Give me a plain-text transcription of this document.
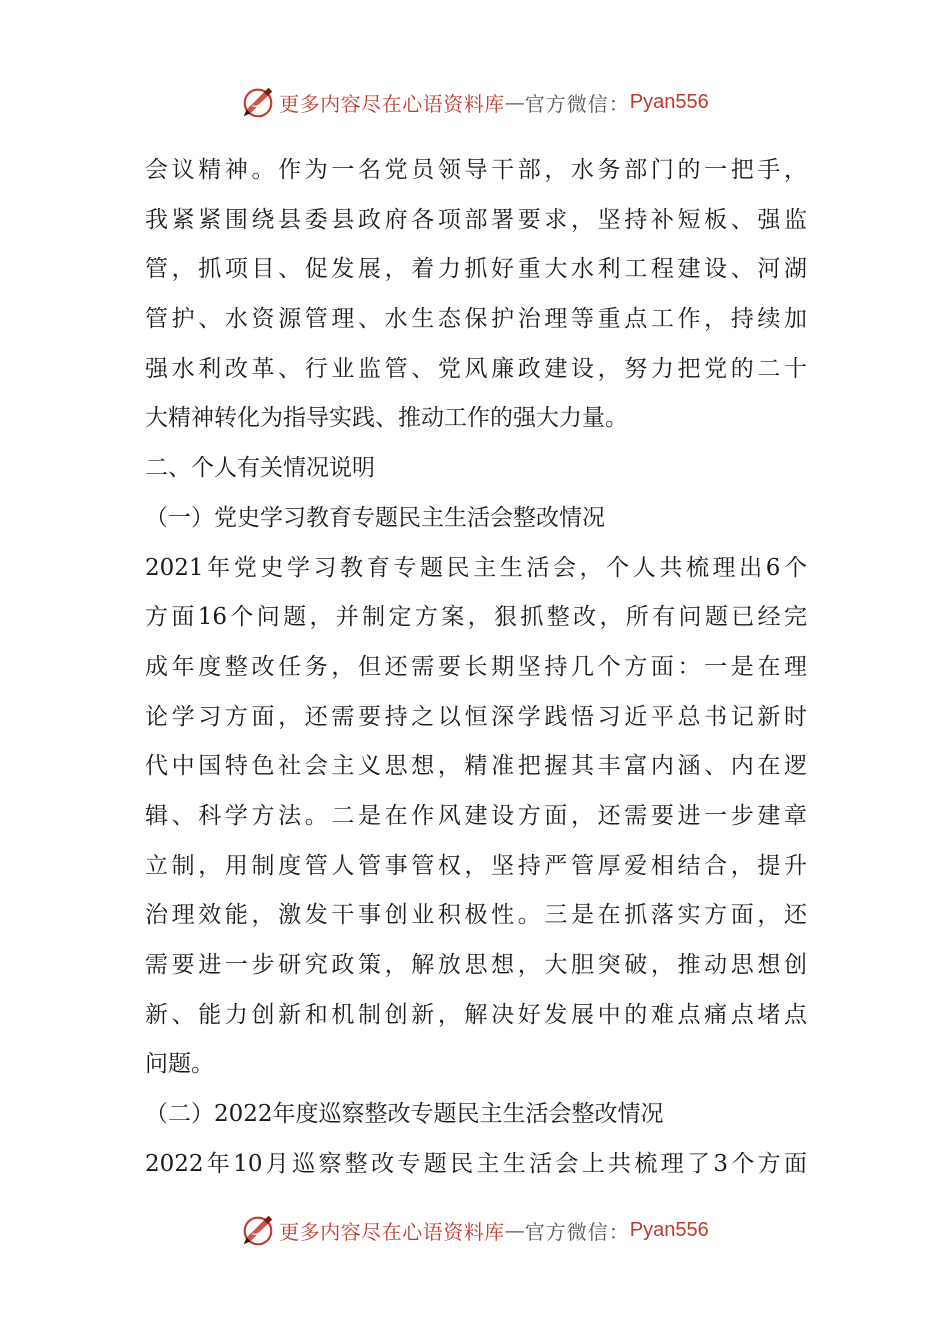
更多内容尽在心语资料库 — 官方微信： Pyan556
会议精神。作为一名党员领导干部，水务部门的一把手，
我紧紧围绕县委县政府各项部署要求，坚持补短板、强监
管，抓项目、促发展，着力抓好重大水利工程建设、河湖
管护、水资源管理、水生态保护治理等重点工作，持续加
强水利改革、行业监管、党风廉政建设，努力把党的二十
大精神转化为指导实践、推动工作的强大力量。
二、个人有关情况说明
（一）党史学习教育专题民主生活会整改情况
2021年党史学习教育专题民主生活会，个人共梳理出6个
方面16个问题，并制定方案，狠抓整改，所有问题已经完
成年度整改任务，但还需要长期坚持几个方面：一是在理
论学习方面，还需要持之以恒深学践悟习近平总书记新时
代中国特色社会主义思想，精准把握其丰富内涵、内在逻
辑、科学方法。二是在作风建设方面，还需要进一步建章
立制，用制度管人管事管权，坚持严管厚爱相结合，提升
治理效能，激发干事创业积极性。三是在抓落实方面，还
需要进一步研究政策，解放思想，大胆突破，推动思想创
新、能力创新和机制创新，解决好发展中的难点痛点堵点
问题。
（二）2022年度巡察整改专题民主生活会整改情况
2022年10月巡察整改专题民主生活会上共梳理了3个方面
更多内容尽在心语资料库 — 官方微信： Pyan556
